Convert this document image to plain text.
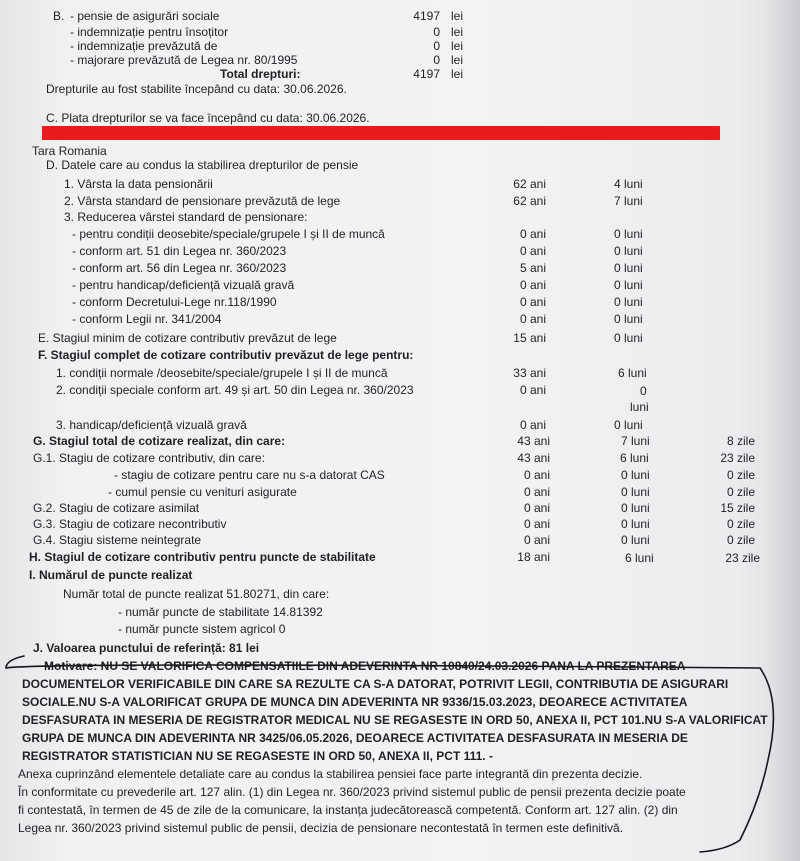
B. - pensie de asigurări sociale	4197 lei
- indemnizație pentru însoțitor	0 lei
- indemnizație prevăzută de	0 lei
- majorare prevăzută de Legea nr. 80/1995	0 lei
Total drepturi:	4197 lei
Drepturile au fost stabilite începând cu data: 30.06.2026.
C. Plata drepturilor se va face începând cu data: 30.06.2026.
Tara Romania
D. Datele care au condus la stabilirea drepturilor de pensie
1. Vârsta la data pensionării	62 ani	4 luni
2. Vârsta standard de pensionare prevăzută de lege	62 ani	7 luni
3. Reducerea vârstei standard de pensionare:
- pentru condiții deosebite/speciale/grupele I și II de muncă	0 ani	0 luni
- conform art. 51 din Legea nr. 360/2023	0 ani	0 luni
- conform art. 56 din Legea nr. 360/2023	5 ani	0 luni
- pentru handicap/deficiență vizuală gravă	0 ani	0 luni
- conform Decretului-Lege nr.118/1990	0 ani	0 luni
- conform Legii nr. 341/2004	0 ani	0 luni
E. Stagiul minim de cotizare contributiv prevăzut de lege	15 ani	0 luni
F. Stagiul complet de cotizare contributiv prevăzut de lege pentru:
1. condiții normale /deosebite/speciale/grupele I și II de muncă	33 ani	6 luni
2. condiții speciale conform art. 49 și art. 50 din Legea nr. 360/2023	0 ani	0
luni
3. handicap/deficiență vizuală gravă	0 ani	0 luni
G. Stagiul total de cotizare realizat, din care:	43 ani	7 luni	8 zile
G.1. Stagiu de cotizare contributiv, din care:	43 ani	6 luni	23 zile
- stagiu de cotizare pentru care nu s-a datorat CAS	0 ani	0 luni	0 zile
- cumul pensie cu venituri asigurate	0 ani	0 luni	0 zile
G.2. Stagiu de cotizare asimilat	0 ani	0 luni	15 zile
G.3. Stagiu de cotizare necontributiv	0 ani	0 luni	0 zile
G.4. Stagiu sisteme neintegrate	0 ani	0 luni	0 zile
H. Stagiul de cotizare contributiv pentru puncte de stabilitate	18 ani	6 luni	23 zile
I. Numărul de puncte realizat
Număr total de puncte realizat 51.80271, din care:
- număr puncte de stabilitate 14.81392
- număr puncte sistem agricol 0
J. Valoarea punctului de referință: 81 lei
Motivare: NU SE VALORIFICA COMPENSATIILE DIN ADEVERINTA NR 10840/24.03.2026 PANA LA PREZENTAREA
DOCUMENTELOR VERIFICABILE DIN CARE SA REZULTE CA S-A DATORAT, POTRIVIT LEGII, CONTRIBUTIA DE ASIGURARI
SOCIALE.NU S-A VALORIFICAT GRUPA DE MUNCA DIN ADEVERINTA NR 9336/15.03.2023, DEOARECE ACTIVITATEA
DESFASURATA IN MESERIA DE REGISTRATOR MEDICAL NU SE REGASESTE IN ORD 50, ANEXA II, PCT 101.NU S-A VALORIFICAT
GRUPA DE MUNCA DIN ADEVERINTA NR 3425/06.05.2026, DEOARECE ACTIVITATEA DESFASURATA IN MESERIA DE
REGISTRATOR STATISTICIAN NU SE REGASESTE IN ORD 50, ANEXA II, PCT 111. -
Anexa cuprinzând elementele detaliate care au condus la stabilirea pensiei face parte integrantă din prezenta decizie.
În conformitate cu prevederile art. 127 alin. (1) din Legea nr. 360/2023 privind sistemul public de pensii prezenta decizie poate
fi contestată, în termen de 45 de zile de la comunicare, la instanța judecătorească competentă. Conform art. 127 alin. (2) din
Legea nr. 360/2023 privind sistemul public de pensii, decizia de pensionare necontestată în termen este definitivă.
